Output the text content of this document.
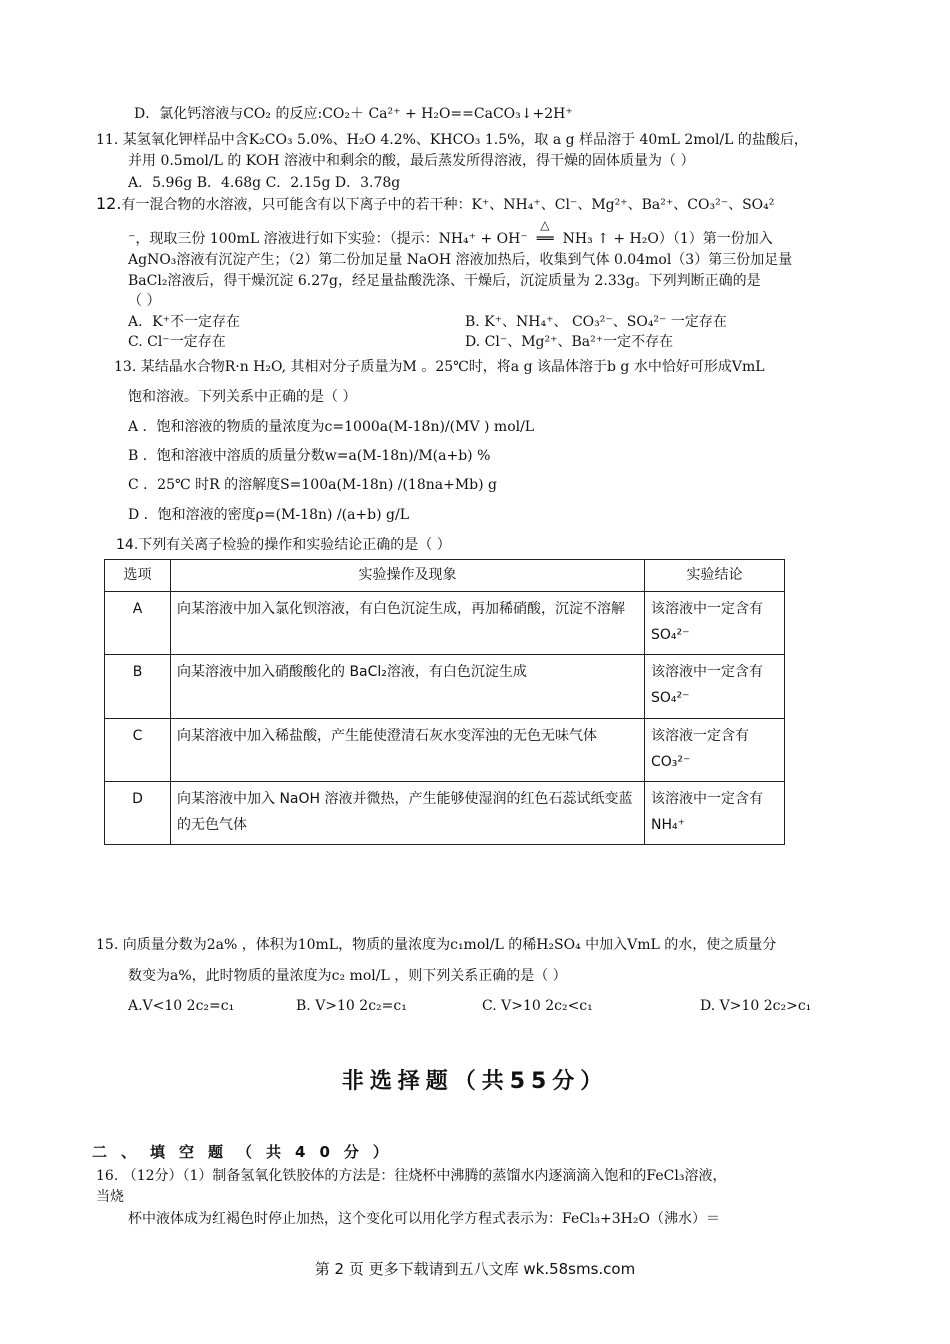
D．氯化钙溶液与CO₂ 的反应:CO₂＋ Ca²⁺ + H₂O==CaCO₃↓+2H⁺
11. 某氢氧化钾样品中含K₂CO₃ 5.0%、H₂O 4.2%、KHCO₃ 1.5%，取 a g 样品溶于 40mL 2mol/L 的盐酸后，
并用 0.5mol/L 的 KOH 溶液中和剩余的酸，最后蒸发所得溶液，得干燥的固体质量为（ ）
A．5.96g B．4.68g C．2.15g D．3.78g
12.有一混合物的水溶液，只可能含有以下离子中的若干种：K⁺、NH₄⁺、Cl⁻、Mg²⁺、Ba²⁺、CO₃²⁻、SO₄²
⁻，现取三份 100mL 溶液进行如下实验：（提示：NH₄⁺ + OH⁻
△
══ NH₃ ↑ + H₂O）（1）第一份加入
AgNO₃溶液有沉淀产生；（2）第二份加足量 NaOH 溶液加热后，收集到气体 0.04mol（3）第三份加足量
BaCl₂溶液后，得干燥沉淀 6.27g，经足量盐酸洗涤、干燥后，沉淀质量为 2.33g。下列判断正确的是
（ ）
A．K⁺不一定存在	B. K⁺、NH₄⁺、 CO₃²⁻、SO₄²⁻ 一定存在
C. Cl⁻一定存在	D. Cl⁻、Mg²⁺、Ba²⁺一定不存在
13. 某结晶水合物R·n H₂O, 其相对分子质量为M 。25℃时，将a g 该晶体溶于b g 水中恰好可形成VmL
饱和溶液。下列关系中正确的是（ ）
A ．饱和溶液的物质的量浓度为c=1000a(M-18n)/(MV ) mol/L
B ．饱和溶液中溶质的质量分数w=a(M-18n)/M(a+b) %
C ．25℃ 时R 的溶解度S=100a(M-18n) /(18na+Mb) g
D ．饱和溶液的密度ρ=(M-18n) /(a+b) g/L
14.下列有关离子检验的操作和实验结论正确的是（ ）
选项	实验操作及现象	实验结论
A	向某溶液中加入氯化钡溶液，有白色沉淀生成，再加稀硝酸，沉淀不溶解	该溶液中一定含有 SO₄²⁻
B	向某溶液中加入硝酸酸化的 BaCl₂溶液，有白色沉淀生成	该溶液中一定含有 SO₄²⁻
C	向某溶液中加入稀盐酸，产生能使澄清石灰水变浑浊的无色无味气体	该溶液一定含有 CO₃²⁻
D	向某溶液中加入 NaOH 溶液并微热，产生能够使湿润的红色石蕊试纸变蓝的无色气体	该溶液中一定含有 NH₄⁺
15. 向质量分数为2a% ，体积为10mL，物质的量浓度为c₁mol/L 的稀H₂SO₄ 中加入VmL 的水，使之质量分
数变为a%，此时物质的量浓度为c₂ mol/L ，则下列关系正确的是（ ）
A.V<10 2c₂=c₁	B. V>10 2c₂=c₁	C. V>10 2c₂<c₁	D. V>10 2c₂>c₁
非选择题（共55分）
二、填空题（共40分）
16. （12分）（1）制备氢氧化铁胶体的方法是：往烧杯中沸腾的蒸馏水内逐滴滴入饱和的FeCl₃溶液，
当烧
杯中液体成为红褐色时停止加热，这个变化可以用化学方程式表示为：FeCl₃+3H₂O（沸水）＝
第 2 页 更多下载请到五八文库 wk.58sms.com
